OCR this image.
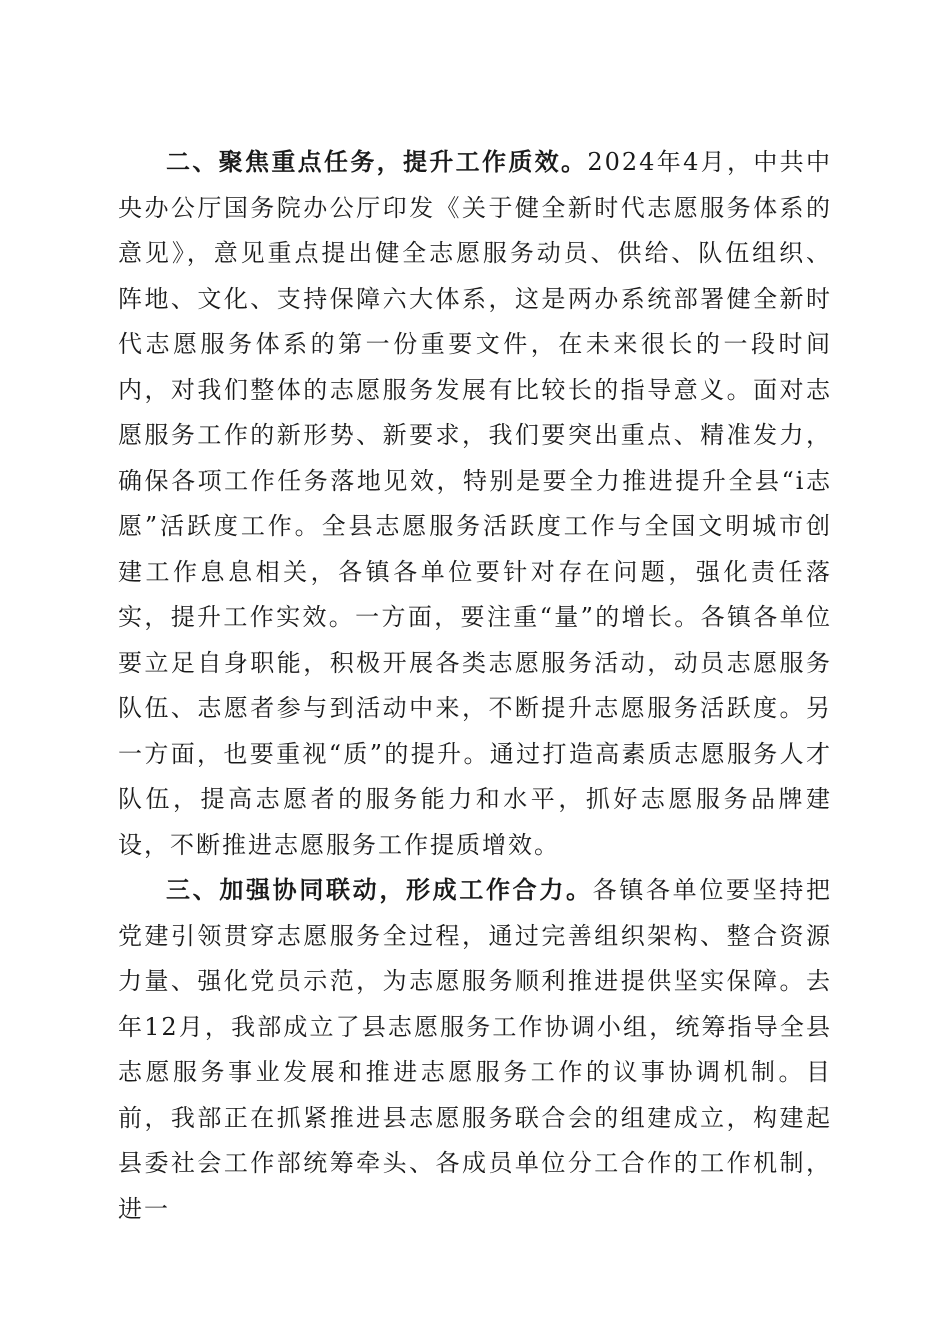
二、聚焦重点任务，提升工作质效。2024年4月，中共中央办公厅国务院办公厅印发《关于健全新时代志愿服务体系的意见》，意见重点提出健全志愿服务动员、供给、队伍组织、阵地、文化、支持保障六大体系，这是两办系统部署健全新时代志愿服务体系的第一份重要文件，在未来很长的一段时间内，对我们整体的志愿服务发展有比较长的指导意义。面对志愿服务工作的新形势、新要求，我们要突出重点、精准发力，确保各项工作任务落地见效，特别是要全力推进提升全县“i志愿”活跃度工作。全县志愿服务活跃度工作与全国文明城市创建工作息息相关，各镇各单位要针对存在问题，强化责任落实，提升工作实效。一方面，要注重“量”的增长。各镇各单位要立足自身职能，积极开展各类志愿服务活动，动员志愿服务队伍、志愿者参与到活动中来，不断提升志愿服务活跃度。另一方面，也要重视“质”的提升。通过打造高素质志愿服务人才队伍，提高志愿者的服务能力和水平，抓好志愿服务品牌建设，不断推进志愿服务工作提质增效。

三、加强协同联动，形成工作合力。各镇各单位要坚持把党建引领贯穿志愿服务全过程，通过完善组织架构、整合资源力量、强化党员示范，为志愿服务顺利推进提供坚实保障。去年12月，我部成立了县志愿服务工作协调小组，统筹指导全县志愿服务事业发展和推进志愿服务工作的议事协调机制。目前，我部正在抓紧推进县志愿服务联合会的组建成立，构建起县委社会工作部统筹牵头、各成员单位分工合作的工作机制，进一
